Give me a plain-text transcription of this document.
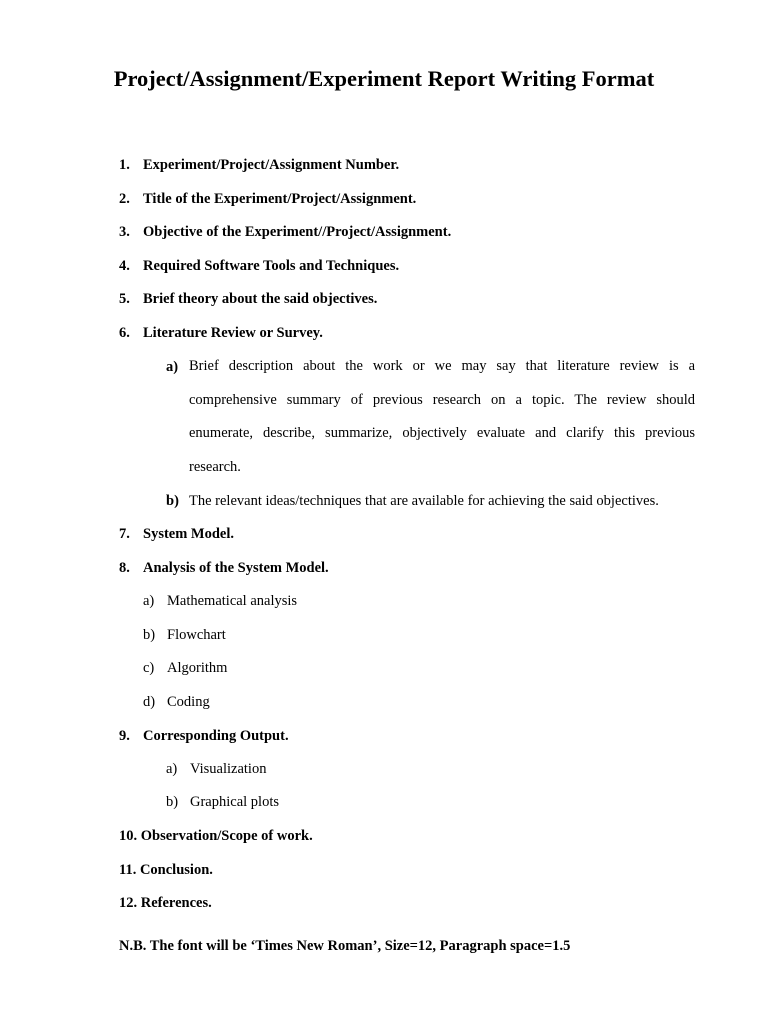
Project/Assignment/Experiment Report Writing Format
1. Experiment/Project/Assignment Number.
2. Title of the Experiment/Project/Assignment.
3. Objective of the Experiment//Project/Assignment.
4. Required Software Tools and Techniques.
5. Brief theory about the said objectives.
6. Literature Review or Survey.
a) Brief description about the work or we may say that literature review is a comprehensive summary of previous research on a topic. The review should enumerate, describe, summarize, objectively evaluate and clarify this previous research.
b) The relevant ideas/techniques that are available for achieving the said objectives.
7. System Model.
8. Analysis of the System Model.
a) Mathematical analysis
b) Flowchart
c) Algorithm
d) Coding
9. Corresponding Output.
a) Visualization
b) Graphical plots
10. Observation/Scope of work.
11. Conclusion.
12. References.
N.B. The font will be ‘Times New Roman’, Size=12, Paragraph space=1.5
